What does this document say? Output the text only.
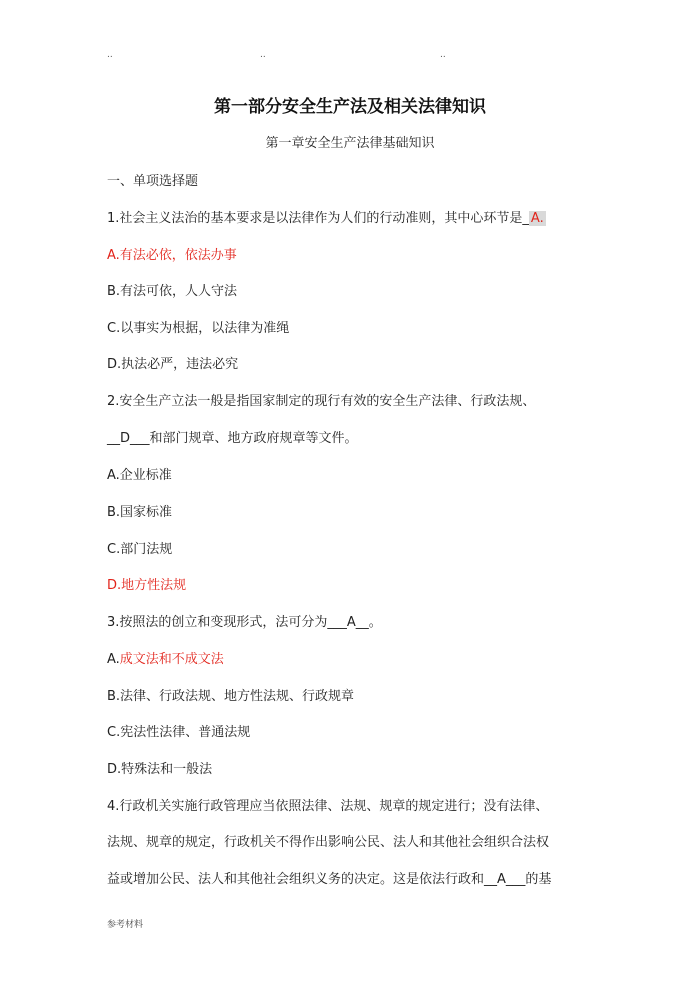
..	..	..
第一部分安全生产法及相关法律知识
第一章安全生产法律基础知识
一、单项选择题
1.社会主义法治的基本要求是以法律作为人们的行动准则，其中心环节是_ A.
A.有法必依，依法办事
B.有法可依，人人守法
C.以事实为根据，以法律为准绳
D.执法必严，违法必究
2.安全生产立法一般是指国家制定的现行有效的安全生产法律、行政法规、
__D___和部门规章、地方政府规章等文件。
A.企业标准
B.国家标准
C.部门法规
D.地方性法规
3.按照法的创立和变现形式，法可分为___A__。
A.成文法和不成文法
B.法律、行政法规、地方性法规、行政规章
C.宪法性法律、普通法规
D.特殊法和一般法
4.行政机关实施行政管理应当依照法律、法规、规章的规定进行；没有法律、
法规、规章的规定，行政机关不得作出影响公民、法人和其他社会组织合法权
益或增加公民、法人和其他社会组织义务的决定。这是依法行政和__A___的基
参考材料
